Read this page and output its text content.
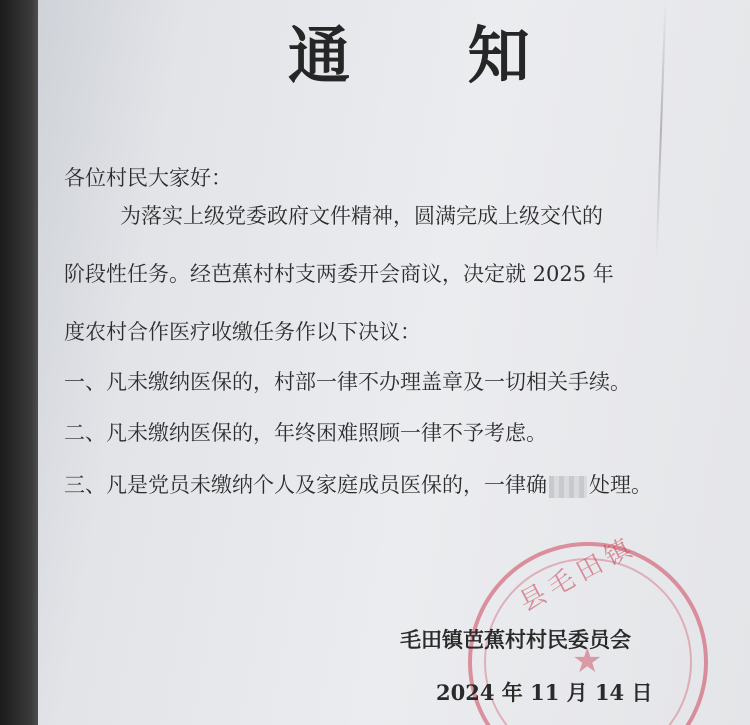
通 知
各位村民大家好：
为落实上级党委政府文件精神，圆满完成上级交代的
阶段性任务。经芭蕉村村支两委开会商议，决定就 2025 年
度农村合作医疗收缴任务作以下决议：
一、凡未缴纳医保的，村部一律不办理盖章及一切相关手续。
二、凡未缴纳医保的，年终困难照顾一律不予考虑。
三、凡是党员未缴纳个人及家庭成员医保的，一律确 处理。
县毛田镇
★
毛田镇芭蕉村村民委员会
2024 年 11 月 14 日
